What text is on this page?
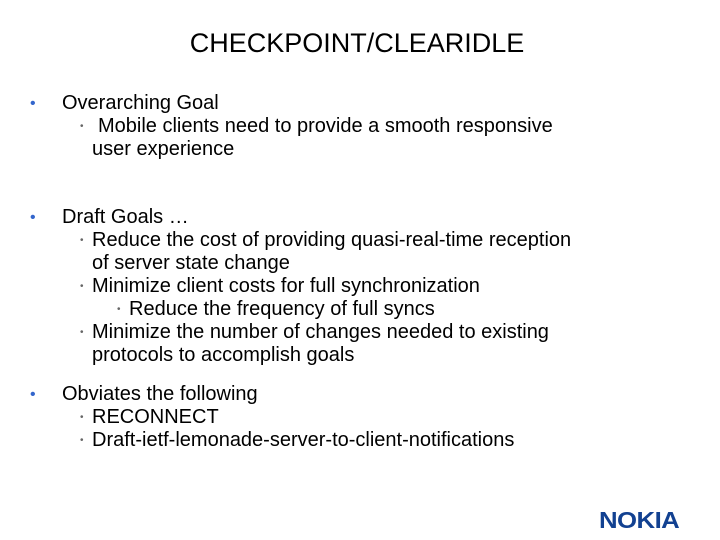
CHECKPOINT/CLEARIDLE
• Overarching Goal
• Mobile clients need to provide a smooth responsive
user experience
• Draft Goals …
• Reduce the cost of providing quasi-real-time reception
of server state change
• Minimize client costs for full synchronization
• Reduce the frequency of full syncs
• Minimize the number of changes needed to existing
protocols to accomplish goals
• Obviates the following
• RECONNECT
• Draft-ietf-lemonade-server-to-client-notifications
NOKIA
